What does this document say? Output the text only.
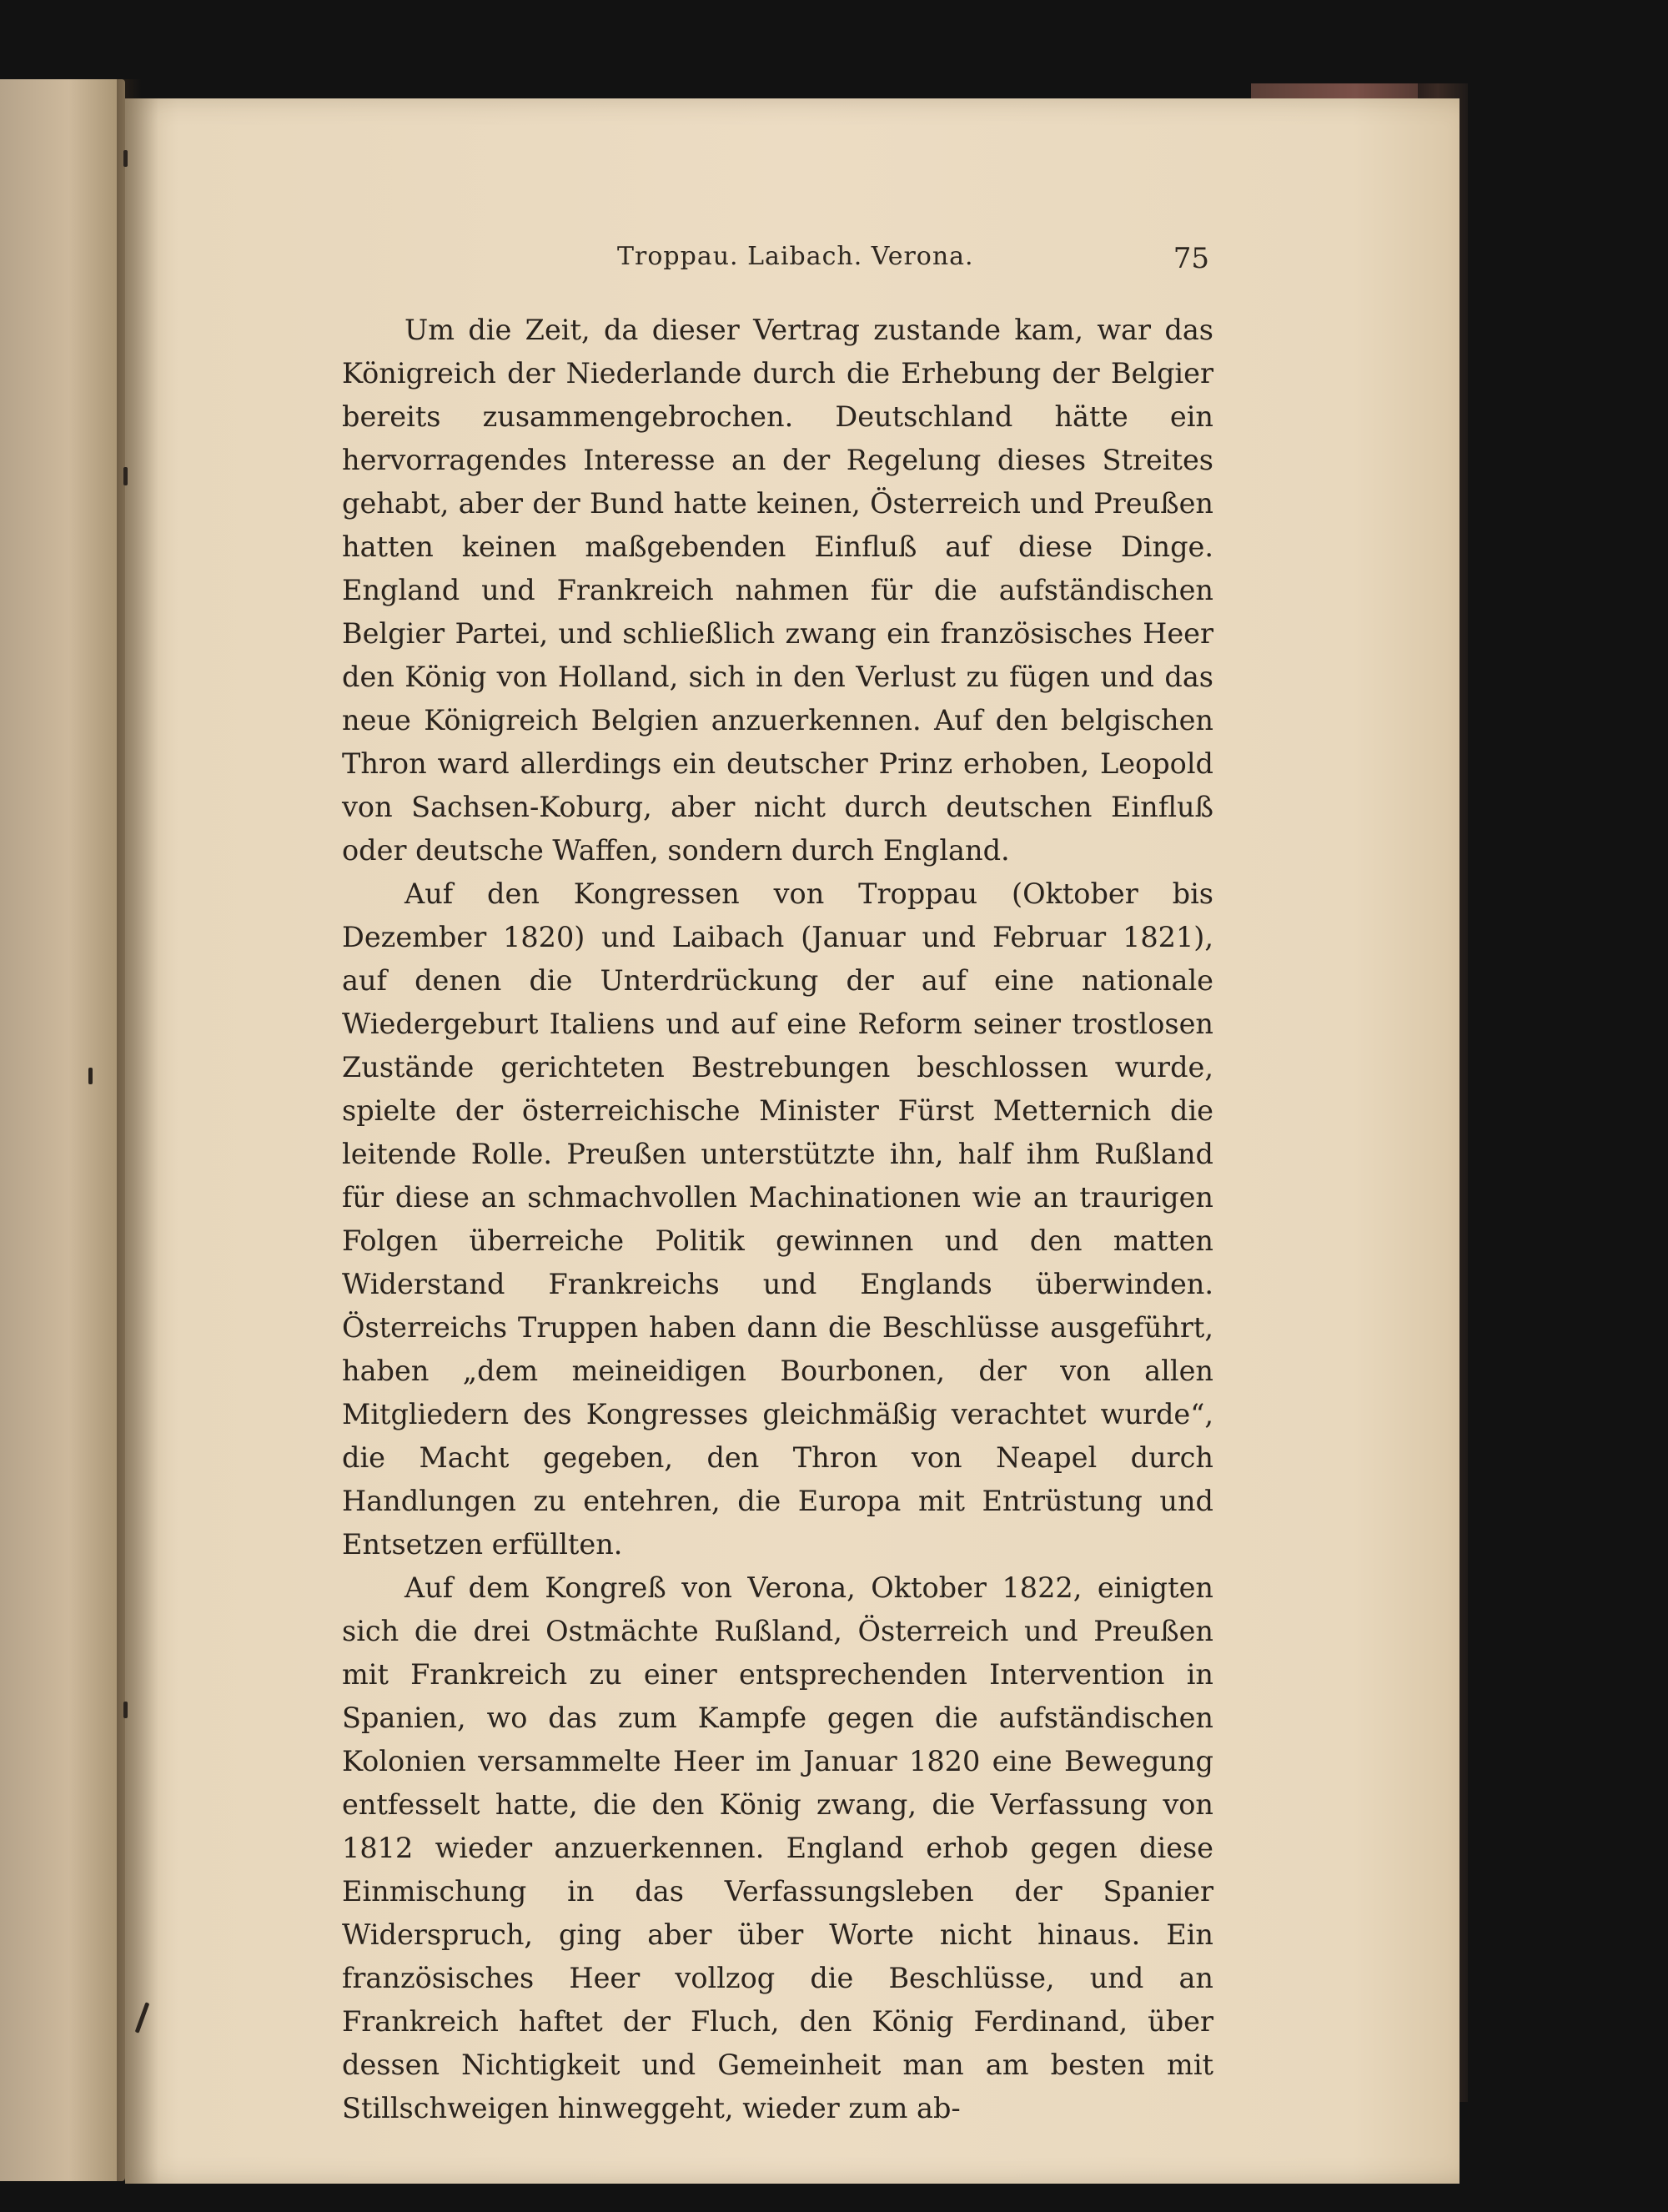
Troppau. Laibach. Verona.	75

Um die Zeit, da dieser Vertrag zustande kam, war das Königreich der Niederlande durch die Erhebung der Belgier bereits zusammengebrochen. Deutschland hätte ein hervorragendes Interesse an der Regelung dieses Streites gehabt, aber der Bund hatte keinen, Österreich und Preußen hatten keinen maßgebenden Einfluß auf diese Dinge. England und Frankreich nahmen für die aufständischen Belgier Partei, und schließlich zwang ein französisches Heer den König von Holland, sich in den Verlust zu fügen und das neue Königreich Belgien anzuerkennen. Auf den belgischen Thron ward allerdings ein deutscher Prinz erhoben, Leopold von Sachsen-Koburg, aber nicht durch deutschen Einfluß oder deutsche Waffen, sondern durch England.

Auf den Kongressen von Troppau (Oktober bis Dezember 1820) und Laibach (Januar und Februar 1821), auf denen die Unterdrückung der auf eine nationale Wiedergeburt Italiens und auf eine Reform seiner trostlosen Zustände gerichteten Bestrebungen beschlossen wurde, spielte der österreichische Minister Fürst Metternich die leitende Rolle. Preußen unterstützte ihn, half ihm Rußland für diese an schmachvollen Machinationen wie an traurigen Folgen überreiche Politik gewinnen und den matten Widerstand Frankreichs und Englands überwinden. Österreichs Truppen haben dann die Beschlüsse ausgeführt, haben „dem meineidigen Bourbonen, der von allen Mitgliedern des Kongresses gleichmäßig verachtet wurde“, die Macht gegeben, den Thron von Neapel durch Handlungen zu entehren, die Europa mit Entrüstung und Entsetzen erfüllten.

Auf dem Kongreß von Verona, Oktober 1822, einigten sich die drei Ostmächte Rußland, Österreich und Preußen mit Frankreich zu einer entsprechenden Intervention in Spanien, wo das zum Kampfe gegen die aufständischen Kolonien versammelte Heer im Januar 1820 eine Bewegung entfesselt hatte, die den König zwang, die Verfassung von 1812 wieder anzuerkennen. England erhob gegen diese Einmischung in das Verfassungsleben der Spanier Widerspruch, ging aber über Worte nicht hinaus. Ein französisches Heer vollzog die Beschlüsse, und an Frankreich haftet der Fluch, den König Ferdinand, über dessen Nichtigkeit und Gemeinheit man am besten mit Stillschweigen hinweggeht, wieder zum ab-
